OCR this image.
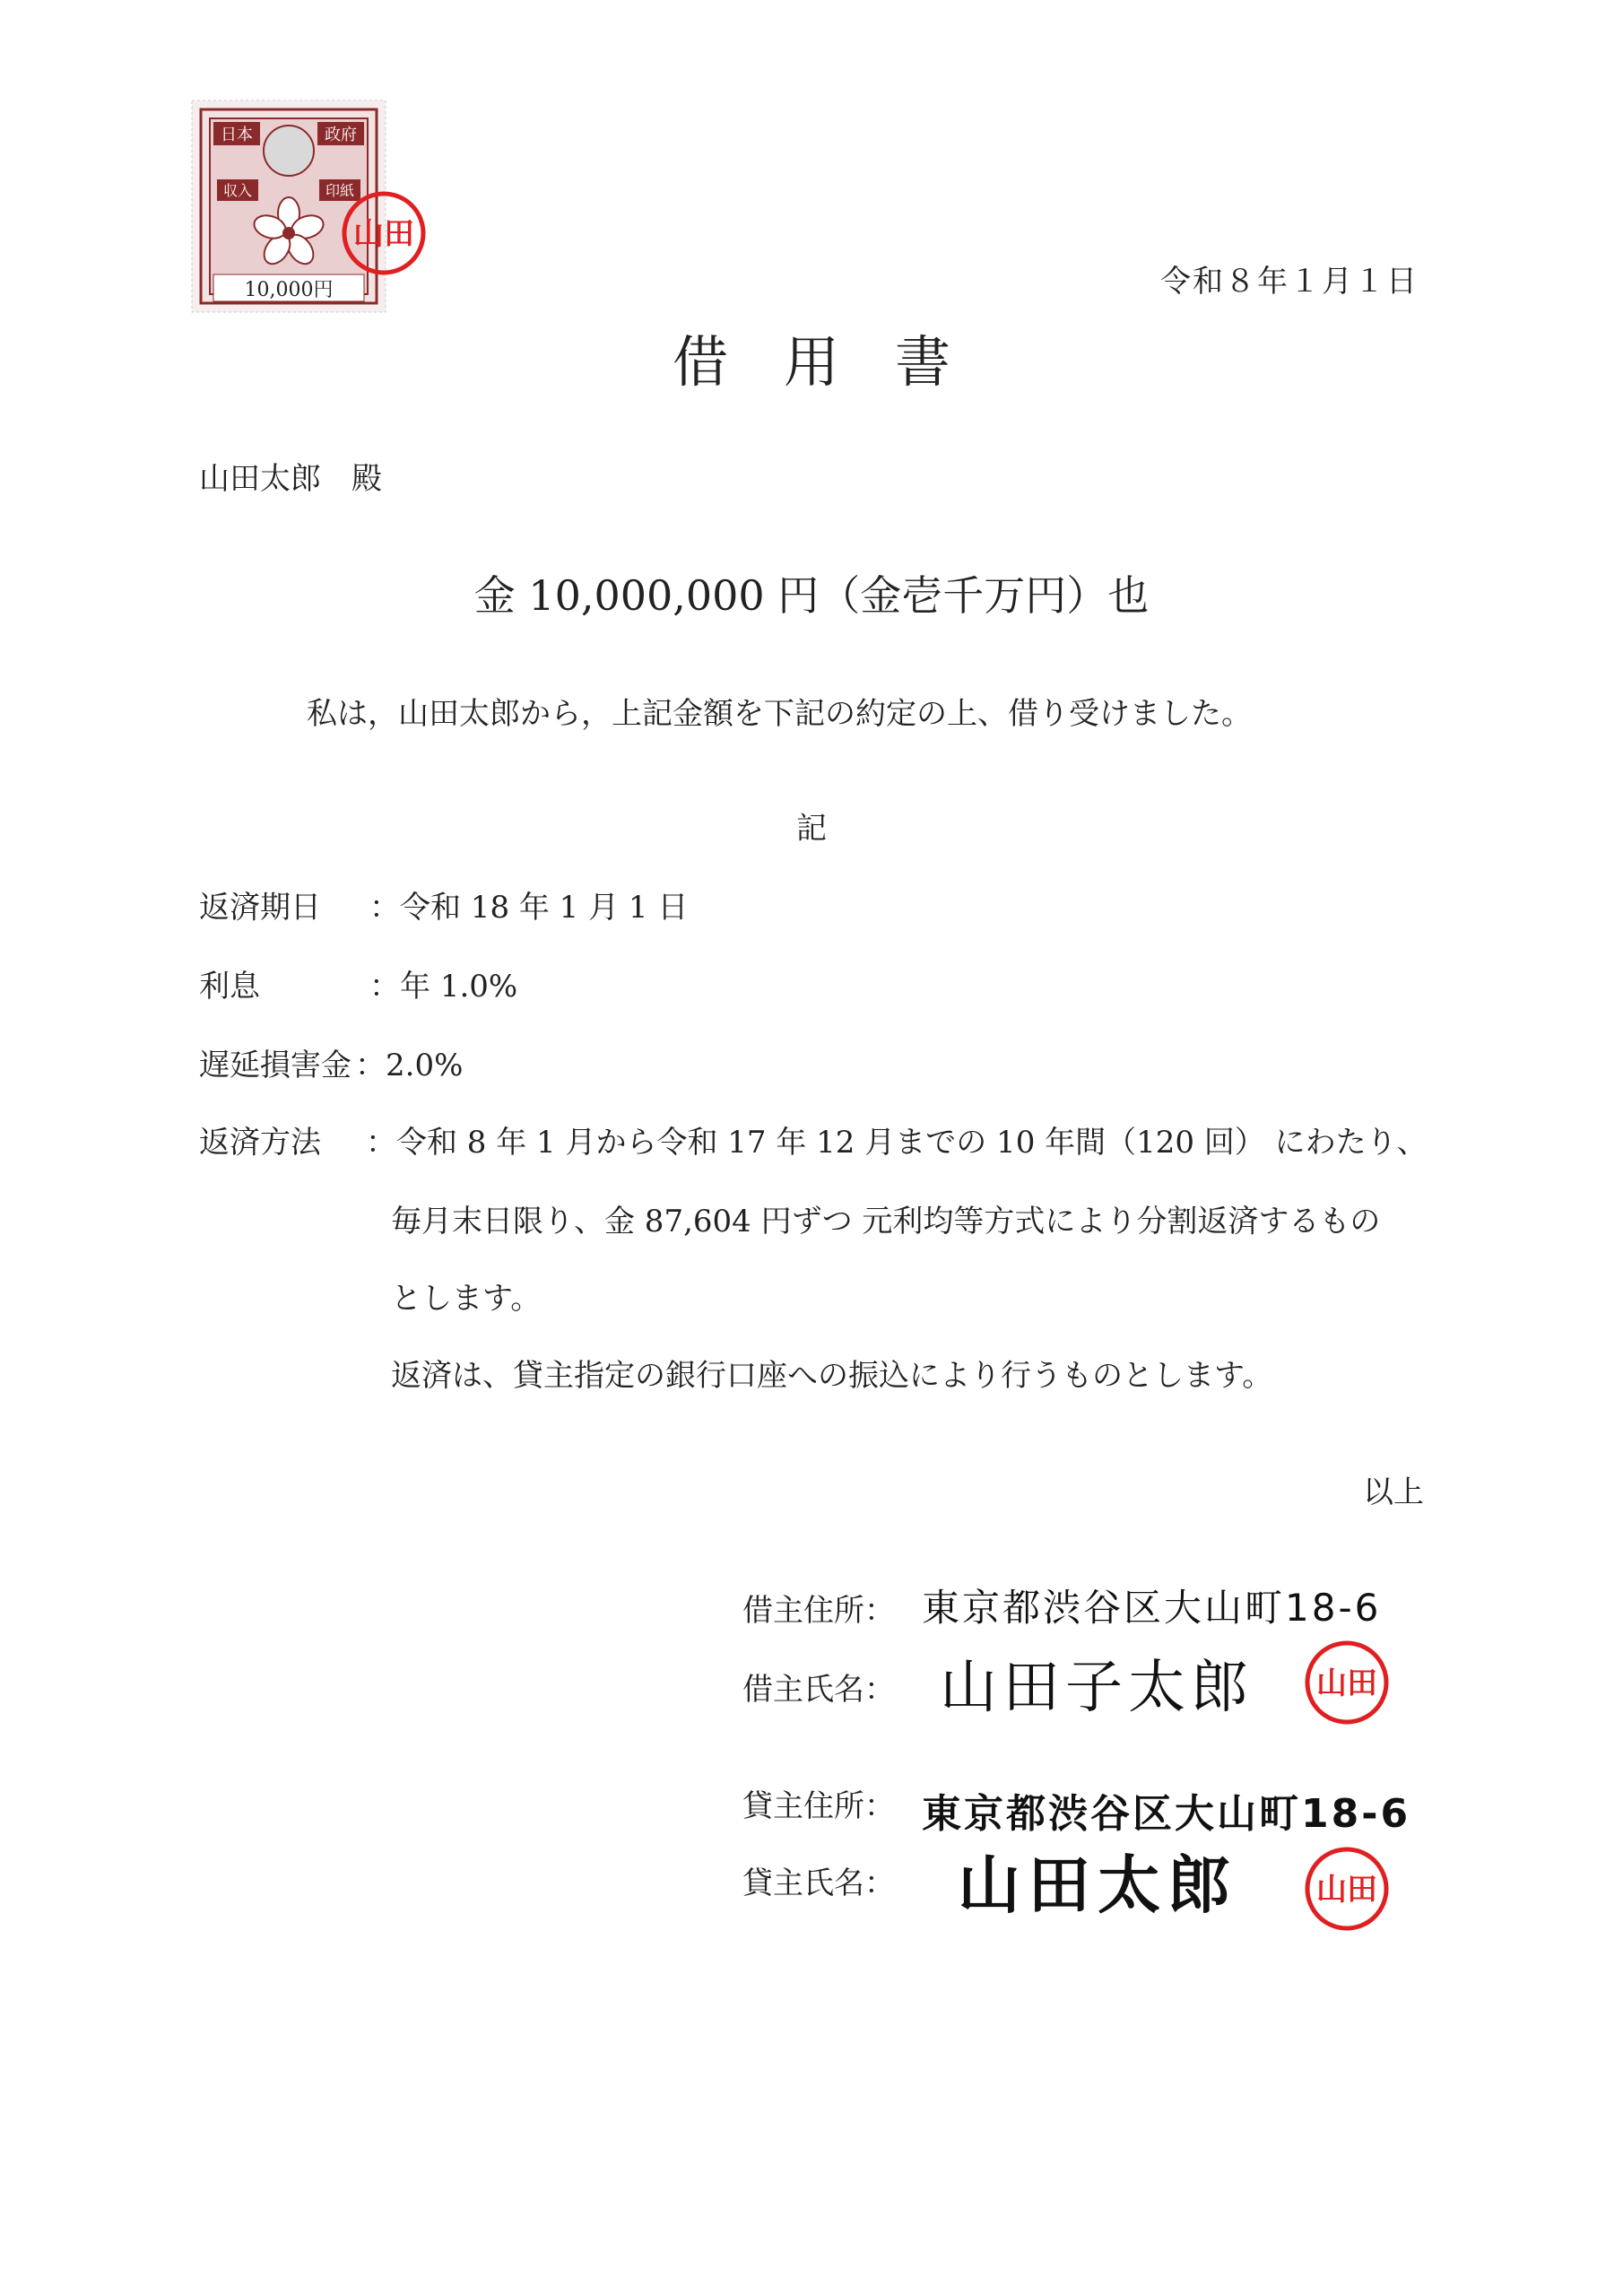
日本	政府
収入	印紙
10,000円
山田
令和８年１月１日
借　用　書
山田太郎　殿
金 10,000,000 円（金壱千万円）也
私は，山田太郎から，上記金額を下記の約定の上、借り受けました。
記
返済期日 ：令和 18 年 1 月 1 日
利息	：年 1.0%
遅延損害金 ：2.0%
返済方法 ：令和 8 年 1 月から令和 17 年 12 月までの 10 年間（120 回） にわたり、
毎月末日限り、金 87,604 円ずつ 元利均等方式により分割返済するもの
とします。
返済は、貸主指定の銀行口座への振込により行うものとします。
以上
借主住所： 東京都渋谷区大山町18-6
借主氏名： 山田子太郎 山田
貸主住所： 東京都渋谷区大山町18-6
貸主氏名： 山田太郎	山田
